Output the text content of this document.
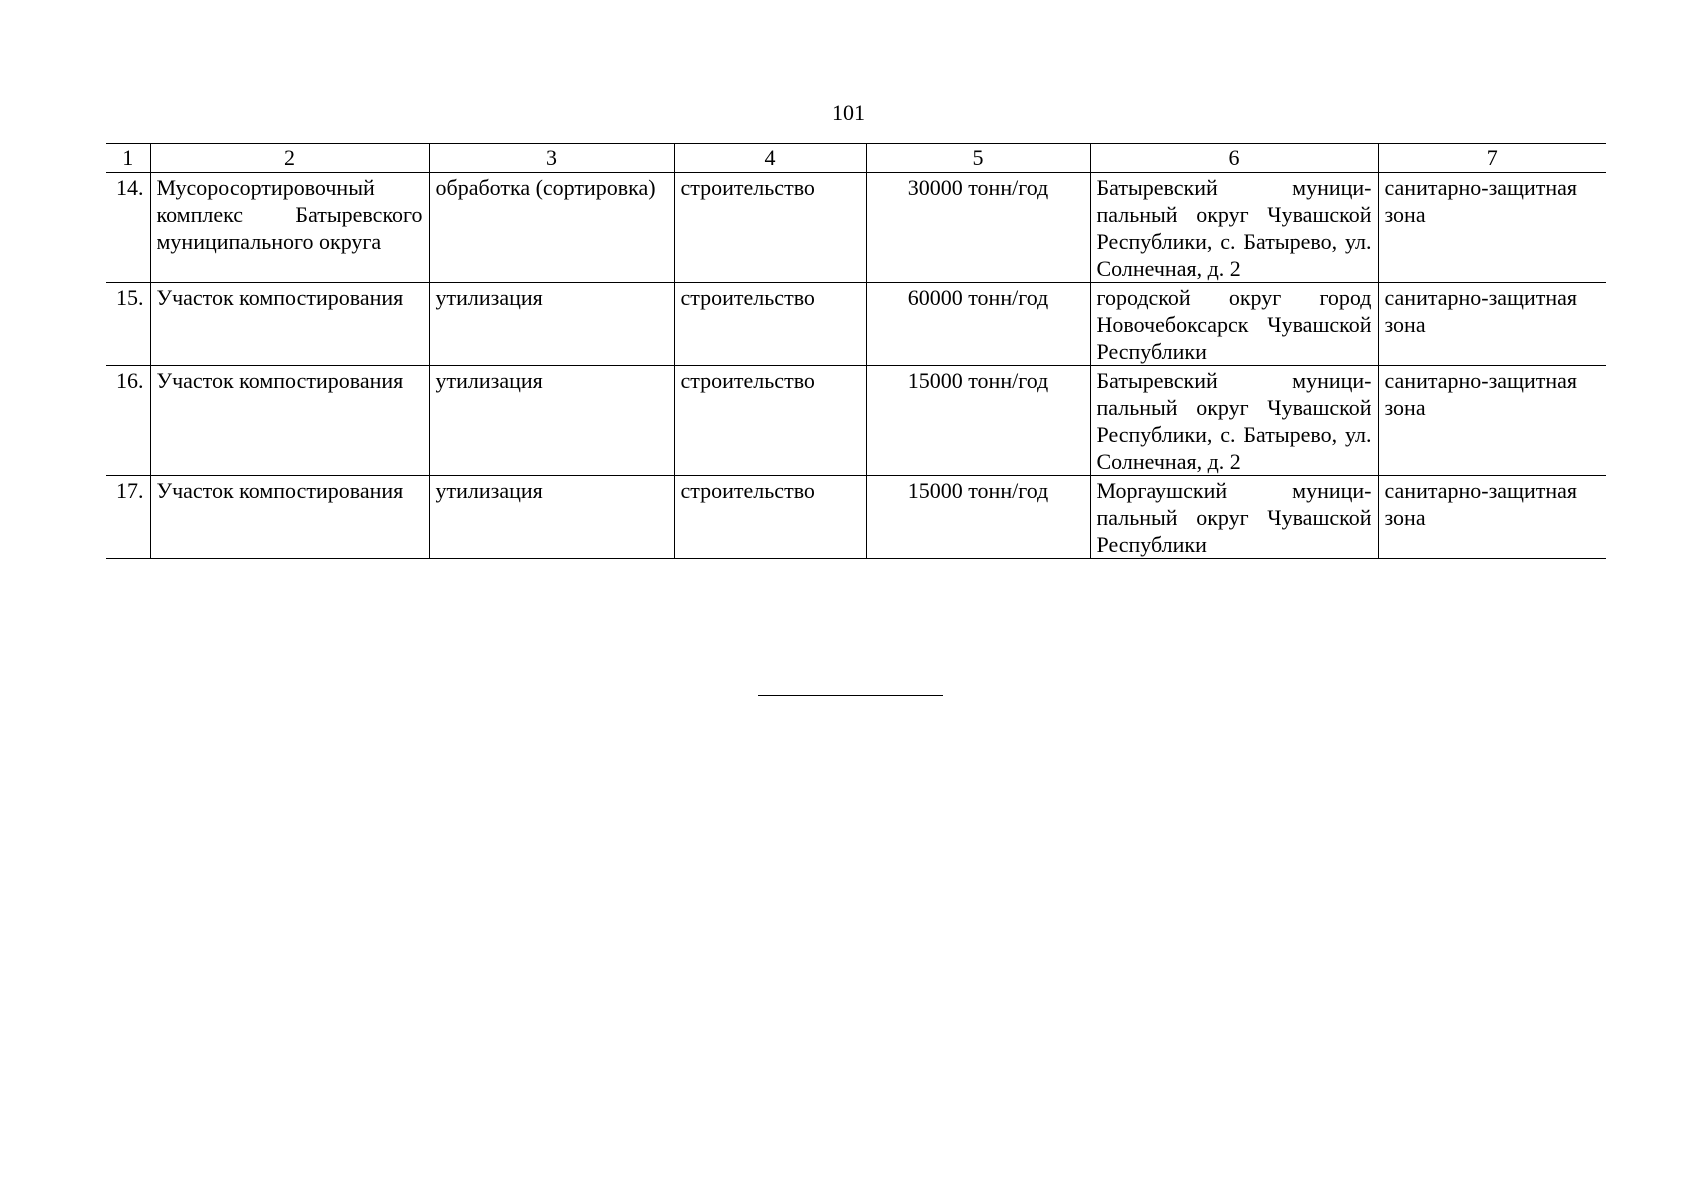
101
1	2	3	4	5	6	7
14.	Мусоросортировочный комплекс Батыревского муниципального округа	обработка (сортировка)	строительство	30000 тонн/год	Батыревский муниципальный округ Чувашской Республики, с. Батырево, ул. Солнечная, д. 2	санитарно-защитная зона
15.	Участок компостирования	утилизация	строительство	60000 тонн/год	городской округ город Новочебоксарск Чувашской Республики	санитарно-защитная зона
16.	Участок компостирования	утилизация	строительство	15000 тонн/год	Батыревский муниципальный округ Чувашской Республики, с. Батырево, ул. Солнечная, д. 2	санитарно-защитная зона
17.	Участок компостирования	утилизация	строительство	15000 тонн/год	Моргаушский муниципальный округ Чувашской Республики	санитарно-защитная зона
